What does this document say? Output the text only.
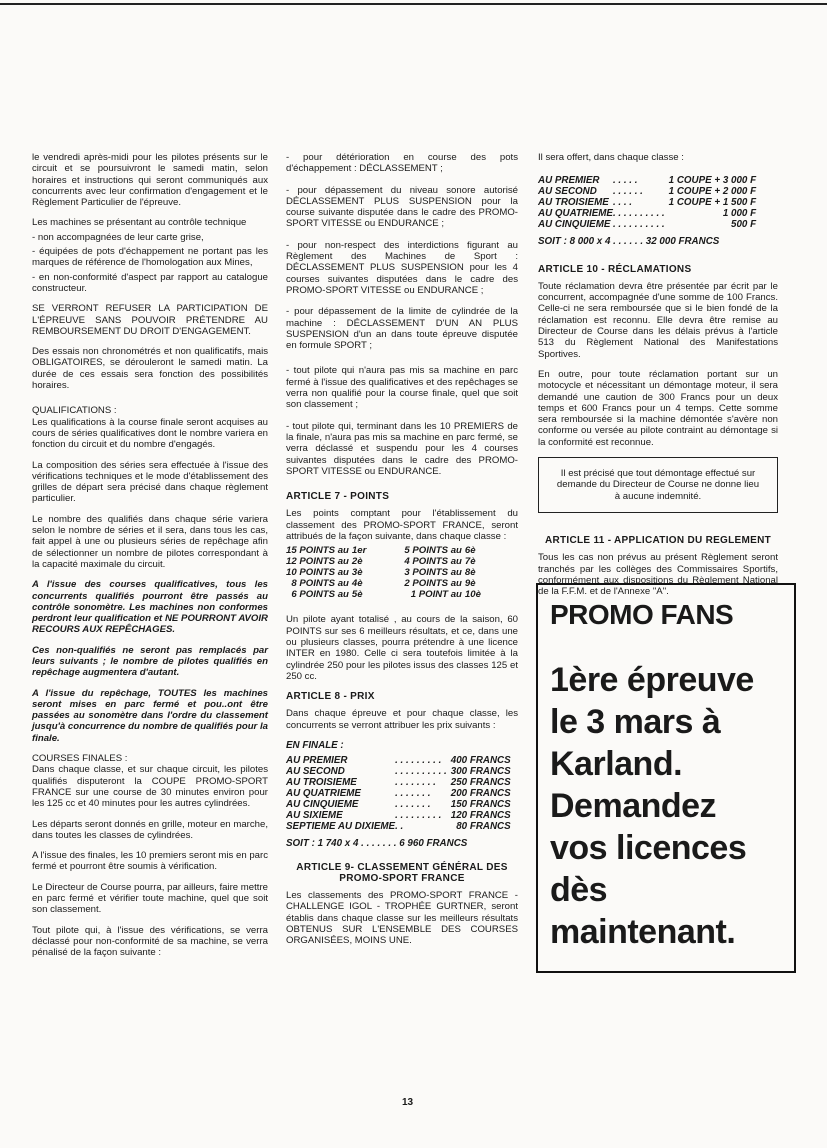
le vendredi après-midi pour les pilotes présents sur le circuit et se poursuivront le samedi matin, selon horaires et instructions qui seront communiqués aux concurrents avec leur confirmation d'engagement et le Règlement Particulier de l'épreuve.

Les machines se présentant au contrôle technique

- non accompagnées de leur carte grise,
- équipées de pots d'échappement ne portant pas les marques de référence de l'homologation aux Mines,
- en non-conformité d'aspect par rapport au catalogue constructeur.

SE VERRONT REFUSER LA PARTICIPATION DE L'ÉPREUVE SANS POUVOIR PRÉTENDRE AU REMBOURSEMENT DU DROIT D'ENGAGEMENT.

Des essais non chronométrés et non qualificatifs, mais OBLIGATOIRES, se dérouleront le samedi matin. La durée de ces essais sera fonction des possibilités horaires.

QUALIFICATIONS :

Les qualifications à la course finale seront acquises au cours de séries qualificatives dont le nombre variera en fonction du circuit et du nombre d'engagés.

La composition des séries sera effectuée à l'issue des vérifications techniques et le mode d'établissement des grilles de départ sera précisé dans chaque règlement particulier.

Le nombre des qualifiés dans chaque série variera selon le nombre de séries et il sera, dans tous les cas, fait appel à une ou plusieurs séries de repêchage afin de sélectionner un nombre de pilotes correspondant à la capacité maximale du circuit.

A l'issue des courses qualificatives, tous les concurrents qualifiés pourront être passés au contrôle sonomètre. Les machines non conformes perdront leur qualification et NE POURRONT AVOIR RECOURS AUX REPÊCHAGES.

Ces non-qualifiés ne seront pas remplacés par leurs suivants ; le nombre de pilotes qualifiés en repêchage augmentera d'autant.

A l'issue du repêchage, TOUTES les machines seront mises en parc fermé et pou..ont être passées au sonomètre dans l'ordre du classement jusqu'à concurrence du nombre de qualifiés pour la finale.

COURSES FINALES :

Dans chaque classe, et sur chaque circuit, les pilotes qualifiés disputeront la COUPE PROMO-SPORT FRANCE sur une course de 30 minutes environ pour les 125 cc et 40 minutes pour les autres cylindrées.

Les départs seront donnés en grille, moteur en marche, dans toutes les classes de cylindrées.

A l'issue des finales, les 10 premiers seront mis en parc fermé et pourront être soumis à vérification.

Le Directeur de Course pourra, par ailleurs, faire mettre en parc fermé et vérifier toute machine, quel que soit son classement.

Tout pilote qui, à l'issue des vérifications, se verra déclassé pour non-conformité de sa machine, se verra pénalisé de la façon suivante :

- pour détérioration en course des pots d'échappement : DÉCLASSEMENT ;
- pour dépassement du niveau sonore autorisé DÉCLASSEMENT PLUS SUSPENSION pour la course suivante disputée dans le cadre des PROMO-SPORT VITESSE ou ENDURANCE ;
- pour non-respect des interdictions figurant au Règlement des Machines de Sport : DÉCLASSEMENT PLUS SUSPENSION pour les 4 courses suivantes disputées dans le cadre des PROMO-SPORT VITESSE ou ENDURANCE ;
- pour dépassement de la limite de cylindrée de la machine : DÉCLASSEMENT D'UN AN PLUS SUSPENSION d'un an dans toute épreuve disputée en formule SPORT ;
- tout pilote qui n'aura pas mis sa machine en parc fermé à l'issue des qualificatives et des repêchages se verra non qualifié pour la course finale, quel que soit son classement ;
- tout pilote qui, terminant dans les 10 PREMIERS de la finale, n'aura pas mis sa machine en parc fermé, se verra déclassé et suspendu pour les 4 courses suivantes disputées dans le cadre des PROMO-SPORT VITESSE ou ENDURANCE.
ARTICLE 7 - POINTS

Les points comptant pour l'établissement du classement des PROMO-SPORT FRANCE, seront attribués de la façon suivante, dans chaque classe :

15 POINTS au	1er	5 POINTS au	6è
12 POINTS au	2è	4 POINTS au	7è
10 POINTS au	3è	3 POINTS au	8è
8 POINTS au	4è	2 POINTS au	9è
6 POINTS au	5è	1 POINT au	10è

Un pilote ayant totalisé , au cours de la saison, 60 POINTS sur ses 6 meilleurs résultats, et ce, dans une ou plusieurs classes, pourra prétendre à une licence INTER en 1980. Celle ci sera toutefois limitée à la cylindrée 250 pour les pilotes issus des classes 125 et 250 cc.

ARTICLE 8 - PRIX

Dans chaque épreuve et pour chaque classe, les concurrents se verront attribuer les prix suivants :

EN FINALE :
AU PREMIER	. . . . . . . . .	400 FRANCS
AU SECOND	. . . . . . . . . .	300 FRANCS
AU TROISIEME	. . . . . . . .	250 FRANCS
AU QUATRIEME	. . . . . . .	200 FRANCS
AU CINQUIEME	. . . . . . .	150 FRANCS
AU SIXIEME	. . . . . . . . .	120 FRANCS
SEPTIEME AU DIXIEME	. .	80 FRANCS
SOIT : 1 740 x 4 . . . . . . . 6 960 FRANCS
ARTICLE 9- CLASSEMENT GÉNÉRAL DES PROMO-SPORT FRANCE

Les classements des PROMO-SPORT FRANCE - CHALLENGE IGOL - TROPHÉE GURTNER, seront établis dans chaque classe sur les meilleurs résultats OBTENUS SUR L'ENSEMBLE DES COURSES ORGANISÉES, MOINS UNE.

Il sera offert, dans chaque classe :

AU PREMIER	. . . . .	1 COUPE + 3 000 F
AU SECOND	. . . . . .	1 COUPE + 2 000 F
AU TROISIEME	. . . .	1 COUPE + 1 500 F
AU QUATRIEME	. . . . . . . . . .	1 000 F
AU CINQUIEME	. . . . . . . . . .	500 F
SOIT : 8 000 x 4 . . . . . . 32 000 FRANCS
ARTICLE 10 - RÉCLAMATIONS

Toute réclamation devra être présentée par écrit par le concurrent, accompagnée d'une somme de 100 Francs. Celle-ci ne sera remboursée que si le bien fondé de la réclamation est reconnu. Elle devra être remise au Directeur de Course dans les délais prévus à l'article 513 du Règlement National des Manifestations Sportives.

En outre, pour toute réclamation portant sur un motocycle et nécessitant un démontage moteur, il sera demandé une caution de 300 Francs pour un deux temps et 600 Francs pour un 4 temps. Cette somme sera remboursée si la machine démontée s'avère non conforme ou versée au pilote contraint au démontage si la conformité est reconnue.

Il est précisé que tout démontage effectué sur demande du Directeur de Course ne donne lieu à aucune indemnité.
ARTICLE 11 - APPLICATION DU REGLEMENT

Tous les cas non prévus au présent Règlement seront tranchés par les collèges des Commissaires Sportifs, conformément aux dispositions du Règlement National de la F.F.M. et de l'Annexe "A".

PROMO FANS
1ère épreuve
le 3 mars à
Karland.
Demandez
vos licences
dès
maintenant.
13
